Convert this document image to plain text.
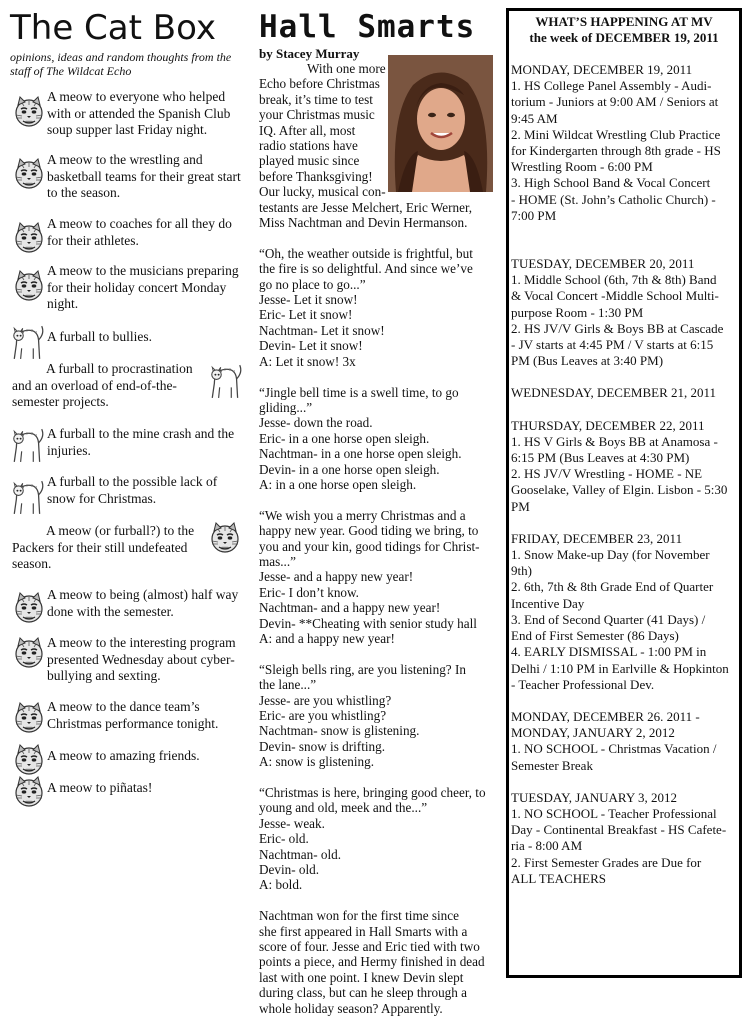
The Cat Box
opinions, ideas and random thoughts from the staff of The Wildcat Echo
A meow to everyone who helped with or attended the Spanish Club soup supper last Friday night.
A meow to the wrestling and basketball teams for their great start to the season.
A meow to coaches for all they do for their athletes.
A meow to the musicians preparing for their holiday concert Monday night.
A furball to bullies.
A furball to procrastination and an overload of end-of-the-semester projects.
A furball to the mine crash and the injuries.
A furball to the possible lack of snow for Christmas.
A meow (or furball?) to the Packers for their still undefeated season.
A meow to being (almost) half way done with the semester.
A meow to the interesting program presented Wednesday about cyber-bullying and sexting.
A meow to the dance team’s Christmas performance tonight.
A meow to amazing friends.
A meow to piñatas!
Hall Smarts
by Stacey Murray
With one more
Echo before Christmas
break, it’s time to test
your Christmas music
IQ. After all, most
radio stations have
played music since
before Thanksgiving!
Our lucky, musical con-
testants are Jesse Melchert, Eric Werner,
Miss Nachtman and Devin Hermanson.
“Oh, the weather outside is frightful, but
the fire is so delightful. And since we’ve
go no place to go...”
Jesse- Let it snow!
Eric- Let it snow!
Nachtman- Let it snow!
Devin- Let it snow!
A: Let it snow! 3x
“Jingle bell time is a swell time, to go
gliding...”
Jesse- down the road.
Eric- in a one horse open sleigh.
Nachtman- in a one horse open sleigh.
Devin- in a one horse open sleigh.
A: in a one horse open sleigh.
“We wish you a merry Christmas and a
happy new year. Good tiding we bring, to
you and your kin, good tidings for Christ-
mas...”
Jesse- and a happy new year!
Eric- I don’t know.
Nachtman- and a happy new year!
Devin- **Cheating with senior study hall
A: and a happy new year!
“Sleigh bells ring, are you listening? In
the lane...”
Jesse- are you whistling?
Eric- are you whistling?
Nachtman- snow is glistening.
Devin- snow is drifting.
A: snow is glistening.
“Christmas is here, bringing good cheer, to
young and old, meek and the...”
Jesse- weak.
Eric- old.
Nachtman- old.
Devin- old.
A: bold.
Nachtman won for the first time since
she first appeared in Hall Smarts with a
score of four. Jesse and Eric tied with two
points a piece, and Hermy finished in dead
last with one point. I knew Devin slept
during class, but can he sleep through a
whole holiday season? Apparently.
WHAT’S HAPPENING AT MV
the week of DECEMBER 19, 2011
MONDAY, DECEMBER 19, 2011
1. HS College Panel Assembly - Audi-
torium - Juniors at 9:00 AM / Seniors at
9:45 AM
2. Mini Wildcat Wrestling Club Practice
for Kindergarten through 8th grade - HS
Wrestling Room - 6:00 PM
3. High School Band & Vocal Concert
- HOME (St. John’s Catholic Church) -
7:00 PM
TUESDAY, DECEMBER 20, 2011
1. Middle School (6th, 7th & 8th) Band
& Vocal Concert -Middle School Multi-
purpose Room - 1:30 PM
2. HS JV/V Girls & Boys BB at Cascade
- JV starts at 4:45 PM / V starts at 6:15
PM (Bus Leaves at 3:40 PM)
WEDNESDAY, DECEMBER 21, 2011
THURSDAY, DECEMBER 22, 2011
1. HS V Girls & Boys BB at Anamosa -
6:15 PM (Bus Leaves at 4:30 PM)
2. HS JV/V Wrestling - HOME - NE
Gooselake, Valley of Elgin. Lisbon - 5:30
PM
FRIDAY, DECEMBER 23, 2011
1. Snow Make-up Day (for November
9th)
2. 6th, 7th & 8th Grade End of Quarter
Incentive Day
3. End of Second Quarter (41 Days) /
End of First Semester (86 Days)
4. EARLY DISMISSAL - 1:00 PM in
Delhi / 1:10 PM in Earlville & Hopkinton
- Teacher Professional Dev.
MONDAY, DECEMBER 26. 2011 -
MONDAY, JANUARY 2, 2012
1. NO SCHOOL - Christmas Vacation /
Semester Break
TUESDAY, JANUARY 3, 2012
1. NO SCHOOL - Teacher Professional
Day - Continental Breakfast - HS Cafete-
ria - 8:00 AM
2. First Semester Grades are Due for
ALL TEACHERS
